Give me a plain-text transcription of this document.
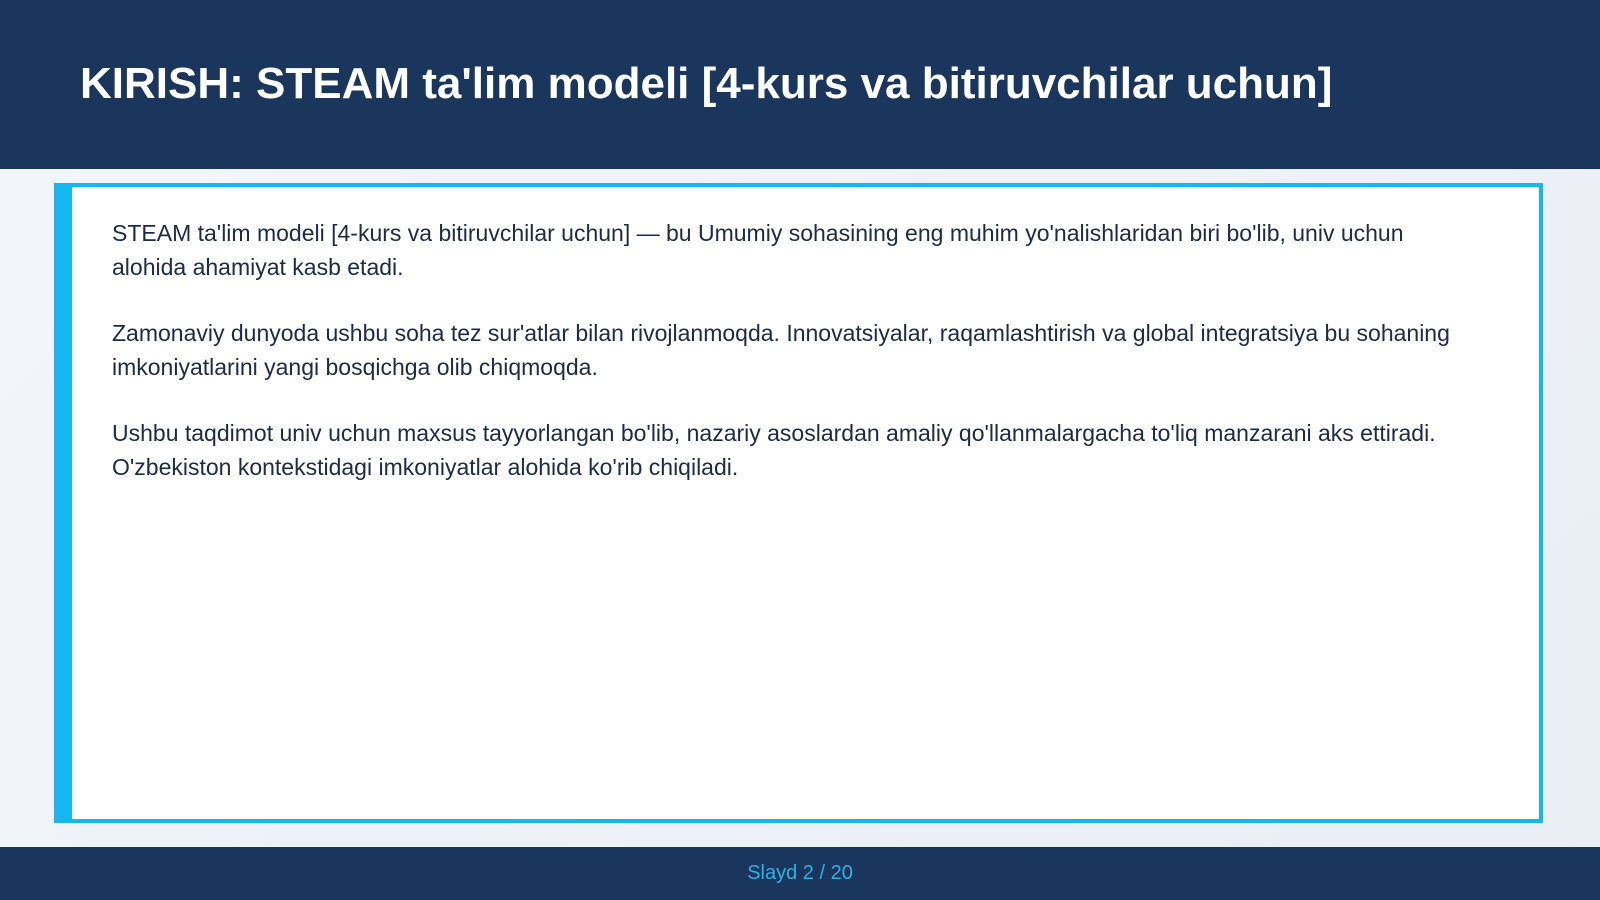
KIRISH: STEAM ta'lim modeli [4-kurs va bitiruvchilar uchun]

STEAM ta'lim modeli [4-kurs va bitiruvchilar uchun] — bu Umumiy sohasining eng muhim yo'nalishlaridan biri bo'lib, univ uchun alohida ahamiyat kasb etadi.

Zamonaviy dunyoda ushbu soha tez sur'atlar bilan rivojlanmoqda. Innovatsiyalar, raqamlashtirish va global integratsiya bu sohaning imkoniyatlarini yangi bosqichga olib chiqmoqda.

Ushbu taqdimot univ uchun maxsus tayyorlangan bo'lib, nazariy asoslardan amaliy qo'llanmalargacha to'liq manzarani aks ettiradi. O'zbekiston kontekstidagi imkoniyatlar alohida ko'rib chiqiladi.

Slayd 2 / 20
